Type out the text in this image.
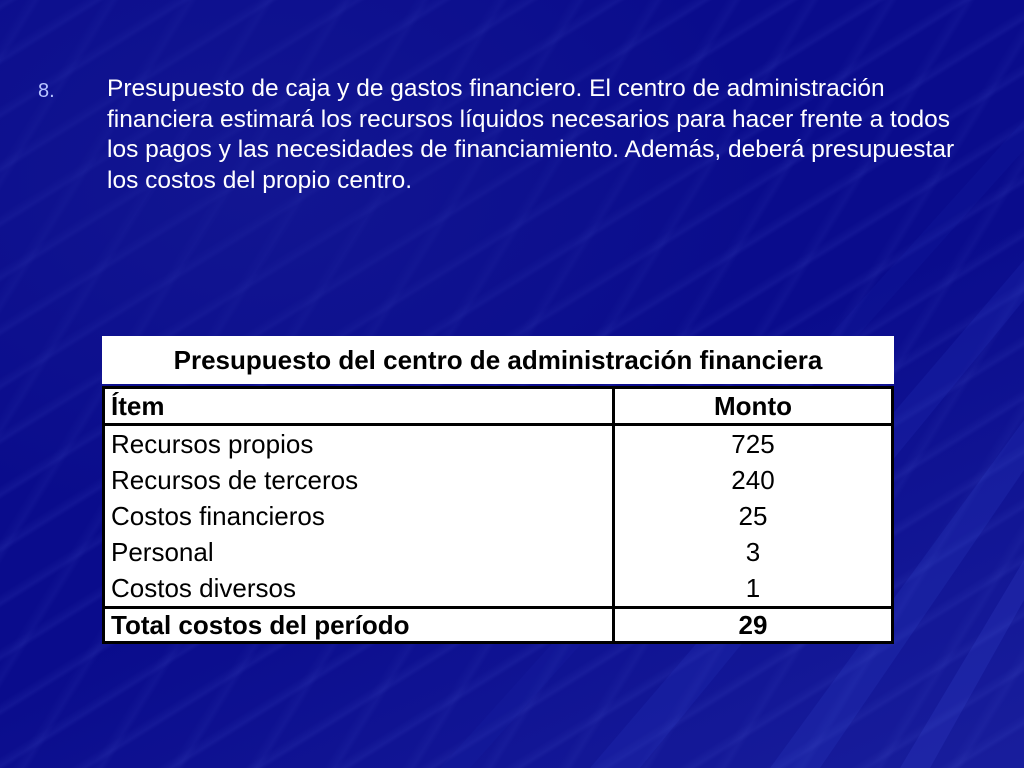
8. Presupuesto de caja y de gastos financiero. El centro de administración financiera estimará los recursos líquidos necesarios para hacer frente a todos los pagos y las necesidades de financiamiento. Además, deberá presupuestar los costos del propio centro.
Presupuesto del centro de administración financiera
Ítem	Monto
Recursos propios	725
Recursos de terceros	240
Costos financieros	25
Personal	3
Costos diversos	1
Total costos del período	29
